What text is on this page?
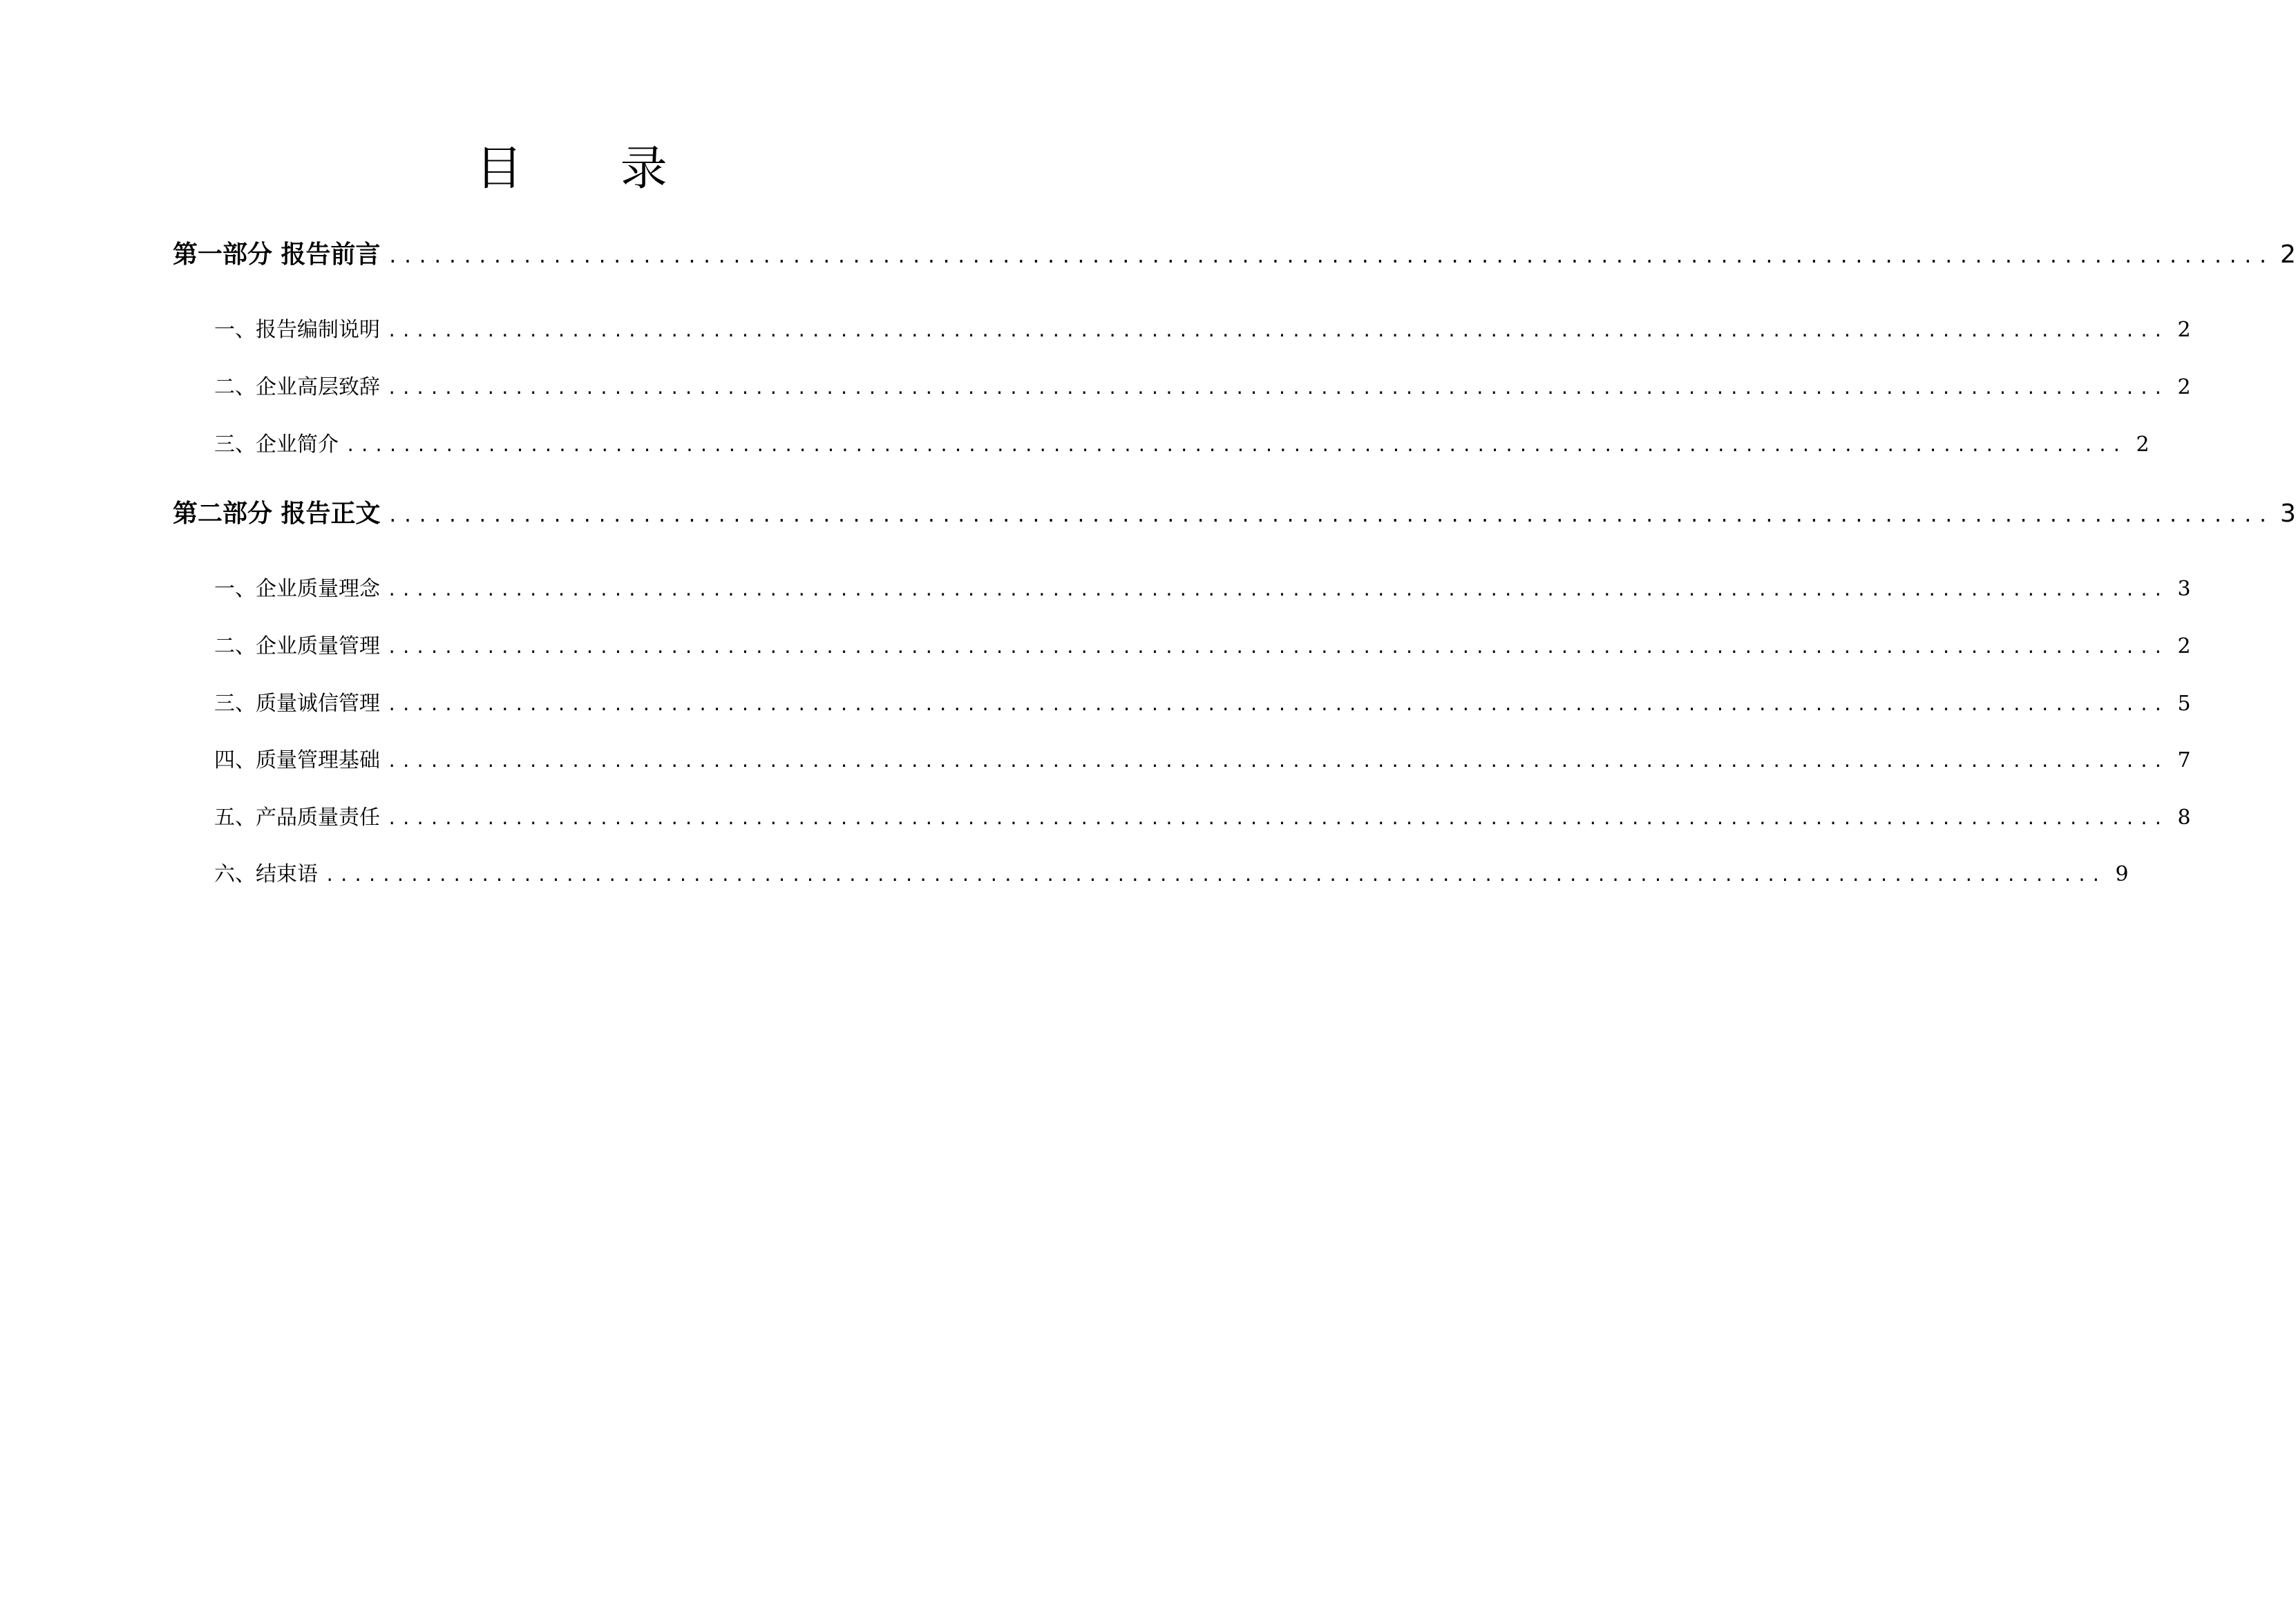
目 录
第一部分 报告前言 .............................................................................................................................. 2
一、报告编制说明 .............................................................................................................................. 2
二、企业高层致辞 .............................................................................................................................. 2
三、企业简介 .............................................................................................................................. 2
第二部分 报告正文 .............................................................................................................................. 3
一、企业质量理念 .............................................................................................................................. 3
二、企业质量管理 .............................................................................................................................. 2
三、质量诚信管理 .............................................................................................................................. 5
四、质量管理基础 .............................................................................................................................. 7
五、产品质量责任 .............................................................................................................................. 8
六、结束语 .............................................................................................................................. 9
